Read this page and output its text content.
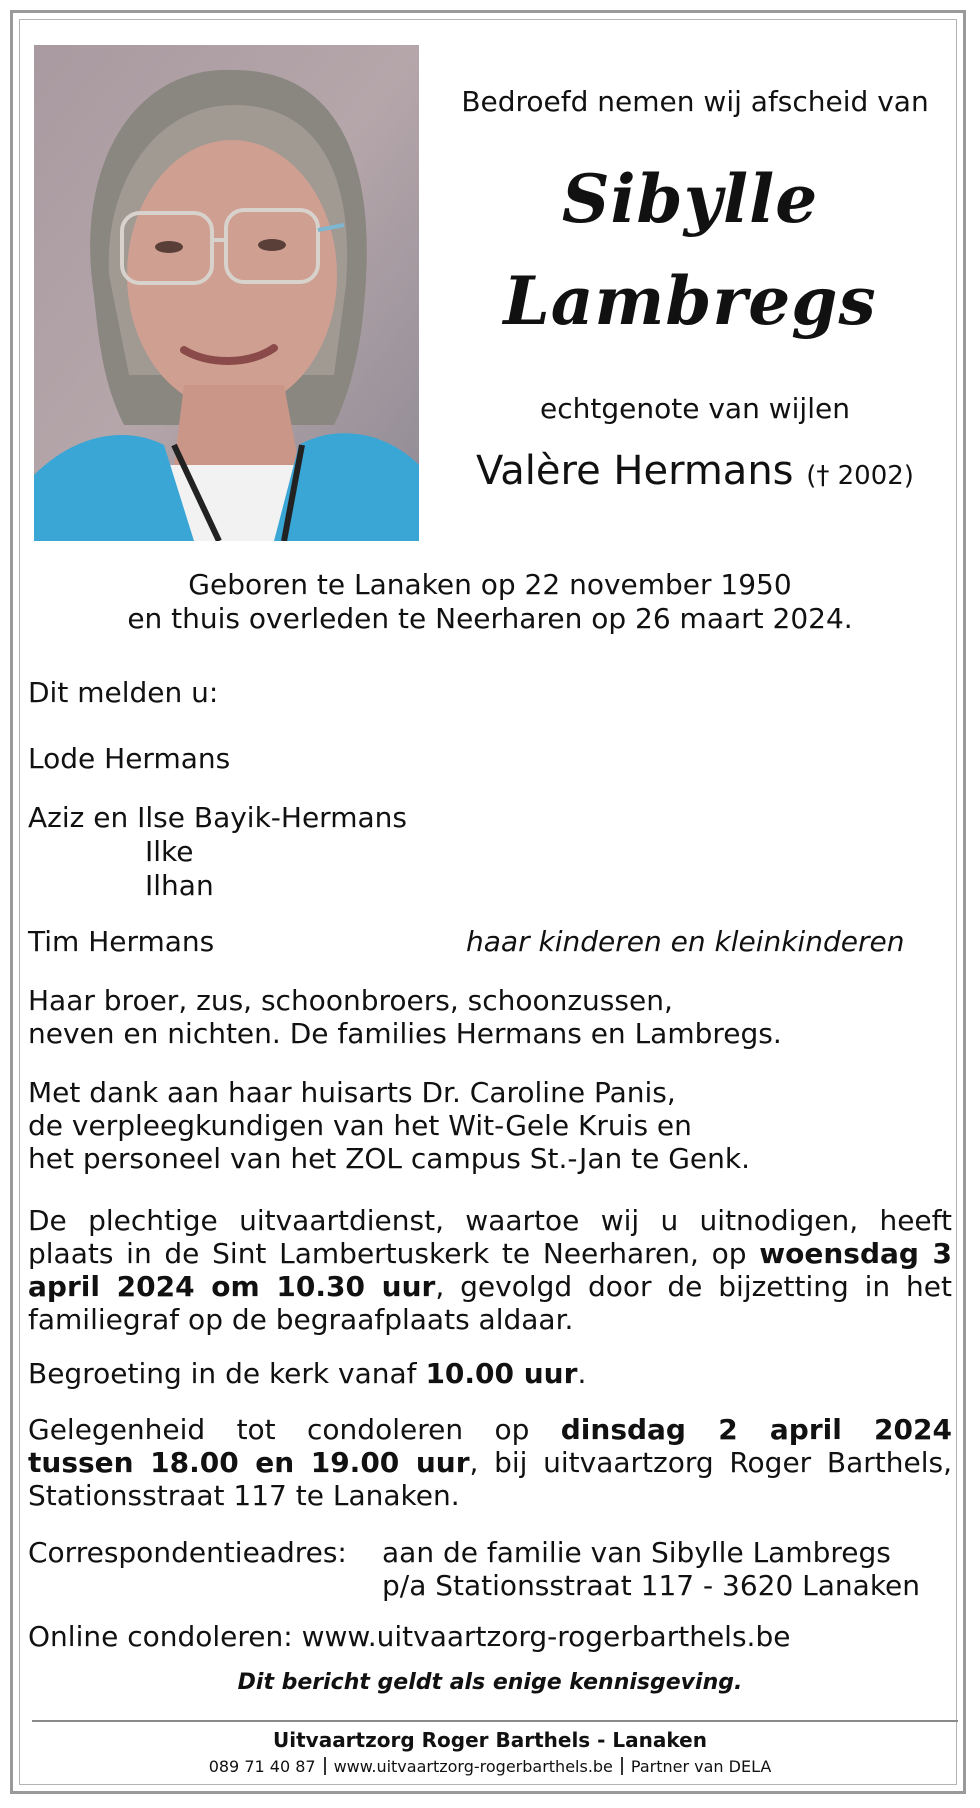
Bedroefd nemen wij afscheid van
Sibylle
Lambregs
echtgenote van wijlen
Valère Hermans († 2002)
Geboren te Lanaken op 22 november 1950
en thuis overleden te Neerharen op 26 maart 2024.
Dit melden u:
Lode Hermans
Aziz en Ilse Bayik-Hermans
Ilke
Ilhan
Tim Hermans	haar kinderen en kleinkinderen
Haar broer, zus, schoonbroers, schoonzussen,
neven en nichten. De families Hermans en Lambregs.
Met dank aan haar huisarts Dr. Caroline Panis,
de verpleegkundigen van het Wit-Gele Kruis en
het personeel van het ZOL campus St.-Jan te Genk.
De plechtige uitvaartdienst, waartoe wij u uitnodigen, heeft
plaats in de Sint Lambertuskerk te Neerharen, op woensdag 3
april 2024 om 10.30 uur, gevolgd door de bijzetting in het
familiegraf op de begraafplaats aldaar.
Begroeting in de kerk vanaf 10.00 uur.
Gelegenheid tot condoleren op dinsdag 2 april 2024
tussen 18.00 en 19.00 uur, bij uitvaartzorg Roger Barthels,
Stationsstraat 117 te Lanaken.
Correspondentieadres: aan de familie van Sibylle Lambregs
p/a Stationsstraat 117 - 3620 Lanaken
Online condoleren: www.uitvaartzorg-rogerbarthels.be
Dit bericht geldt als enige kennisgeving.
Uitvaartzorg Roger Barthels - Lanaken
089 71 40 87 www.uitvaartzorg-rogerbarthels.be Partner van DELA
